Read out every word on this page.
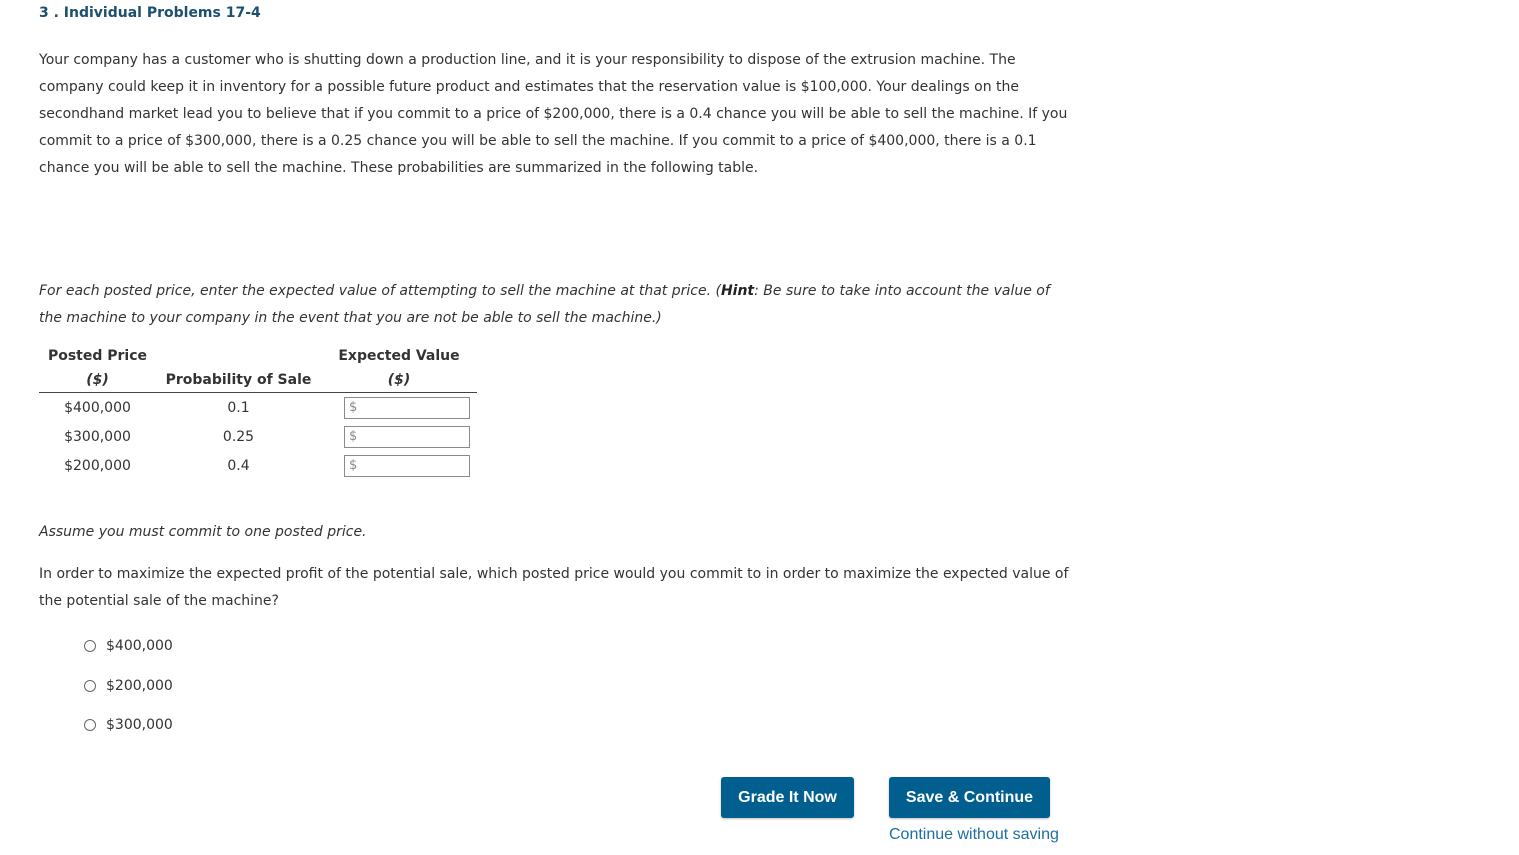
3 . Individual Problems 17-4

Your company has a customer who is shutting down a production line, and it is your responsibility to dispose of the extrusion machine. The company could keep it in inventory for a possible future product and estimates that the reservation value is $100,000. Your dealings on the secondhand market lead you to believe that if you commit to a price of $200,000, there is a 0.4 chance you will be able to sell the machine. If you commit to a price of $300,000, there is a 0.25 chance you will be able to sell the machine. If you commit to a price of $400,000, there is a 0.1 chance you will be able to sell the machine. These probabilities are summarized in the following table.

For each posted price, enter the expected value of attempting to sell the machine at that price. (Hint: Be sure to take into account the value of the machine to your company in the event that you are not be able to sell the machine.)

Posted Price		Expected Value
($)	Probability of Sale	($)
$400,000	0.1	$

$300,000	0.25	$

$200,000	0.4	$

Assume you must commit to one posted price.

In order to maximize the expected profit of the potential sale, which posted price would you commit to in order to maximize the expected value of the potential sale of the machine?

$400,000
$200,000
$300,000
Grade It Now	Save & Continue
Continue without saving
